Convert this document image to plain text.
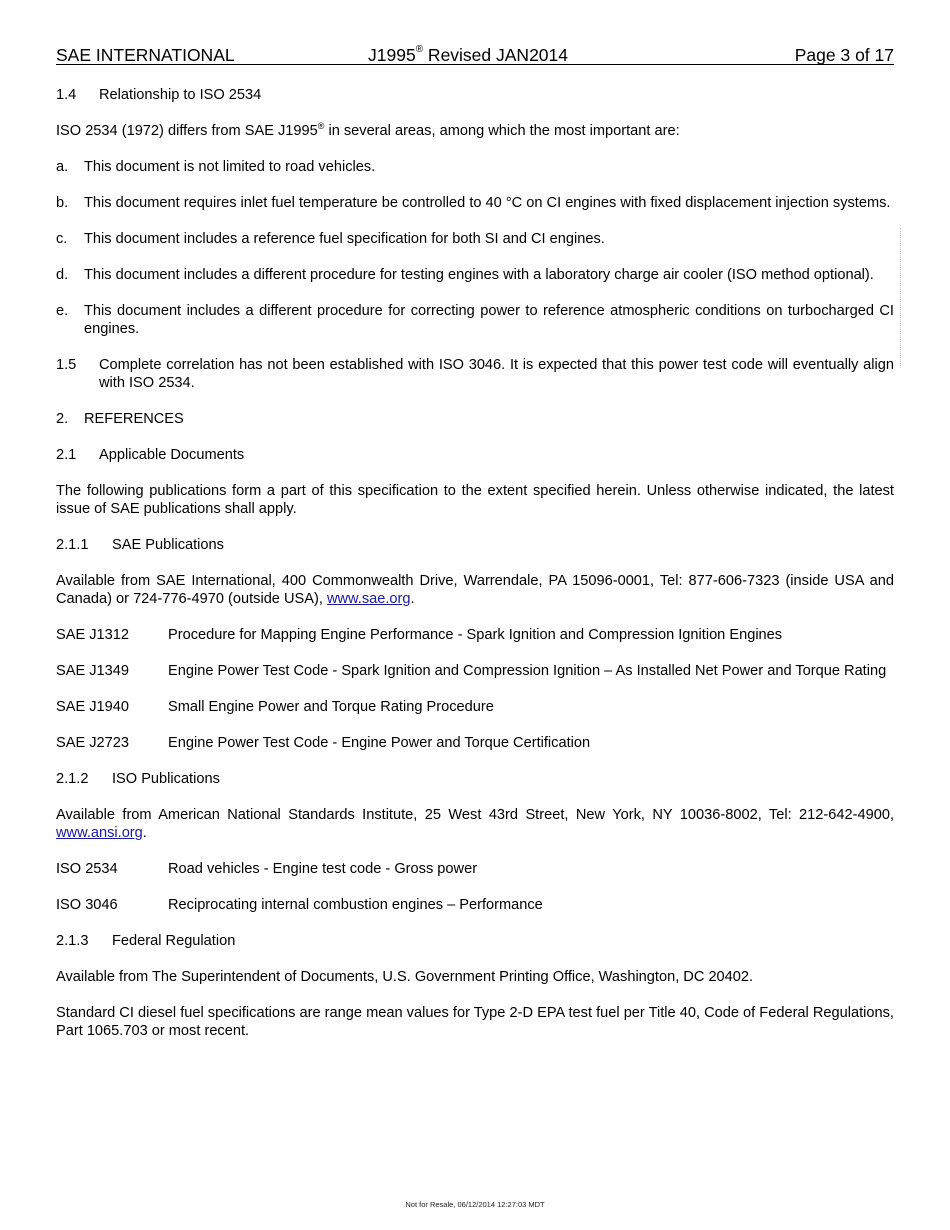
SAE INTERNATIONAL	J1995® Revised JAN2014	Page 3 of 17
1.4	Relationship to ISO 2534

ISO 2534 (1972) differs from SAE J1995® in several areas, among which the most important are:

a.	This document is not limited to road vehicles.
b.	This document requires inlet fuel temperature be controlled to 40 °C on CI engines with fixed displacement injection systems.
c.	This document includes a reference fuel specification for both SI and CI engines.
d.	This document includes a different procedure for testing engines with a laboratory charge air cooler (ISO method optional).
e.	This document includes a different procedure for correcting power to reference atmospheric conditions on turbocharged CI engines.
1.5	Complete correlation has not been established with ISO 3046. It is expected that this power test code will eventually align with ISO 2534.
2.	REFERENCES
2.1	Applicable Documents

The following publications form a part of this specification to the extent specified herein. Unless otherwise indicated, the latest issue of SAE publications shall apply.

2.1.1	SAE Publications

Available from SAE International, 400 Commonwealth Drive, Warrendale, PA 15096-0001, Tel: 877-606-7323 (inside USA and Canada) or 724-776-4970 (outside USA), www.sae.org.

SAE J1312	Procedure for Mapping Engine Performance - Spark Ignition and Compression Ignition Engines
SAE J1349	Engine Power Test Code - Spark Ignition and Compression Ignition – As Installed Net Power and Torque Rating
SAE J1940	Small Engine Power and Torque Rating Procedure
SAE J2723	Engine Power Test Code - Engine Power and Torque Certification
2.1.2	ISO Publications

Available from American National Standards Institute, 25 West 43rd Street, New York, NY 10036-8002, Tel: 212-642-4900, www.ansi.org.

ISO 2534	Road vehicles - Engine test code - Gross power
ISO 3046	Reciprocating internal combustion engines – Performance
2.1.3	Federal Regulation

Available from The Superintendent of Documents, U.S. Government Printing Office, Washington, DC 20402.

Standard CI diesel fuel specifications are range mean values for Type 2-D EPA test fuel per Title 40, Code of Federal Regulations, Part 1065.703 or most recent.

Not for Resale, 06/12/2014 12:27:03 MDT
